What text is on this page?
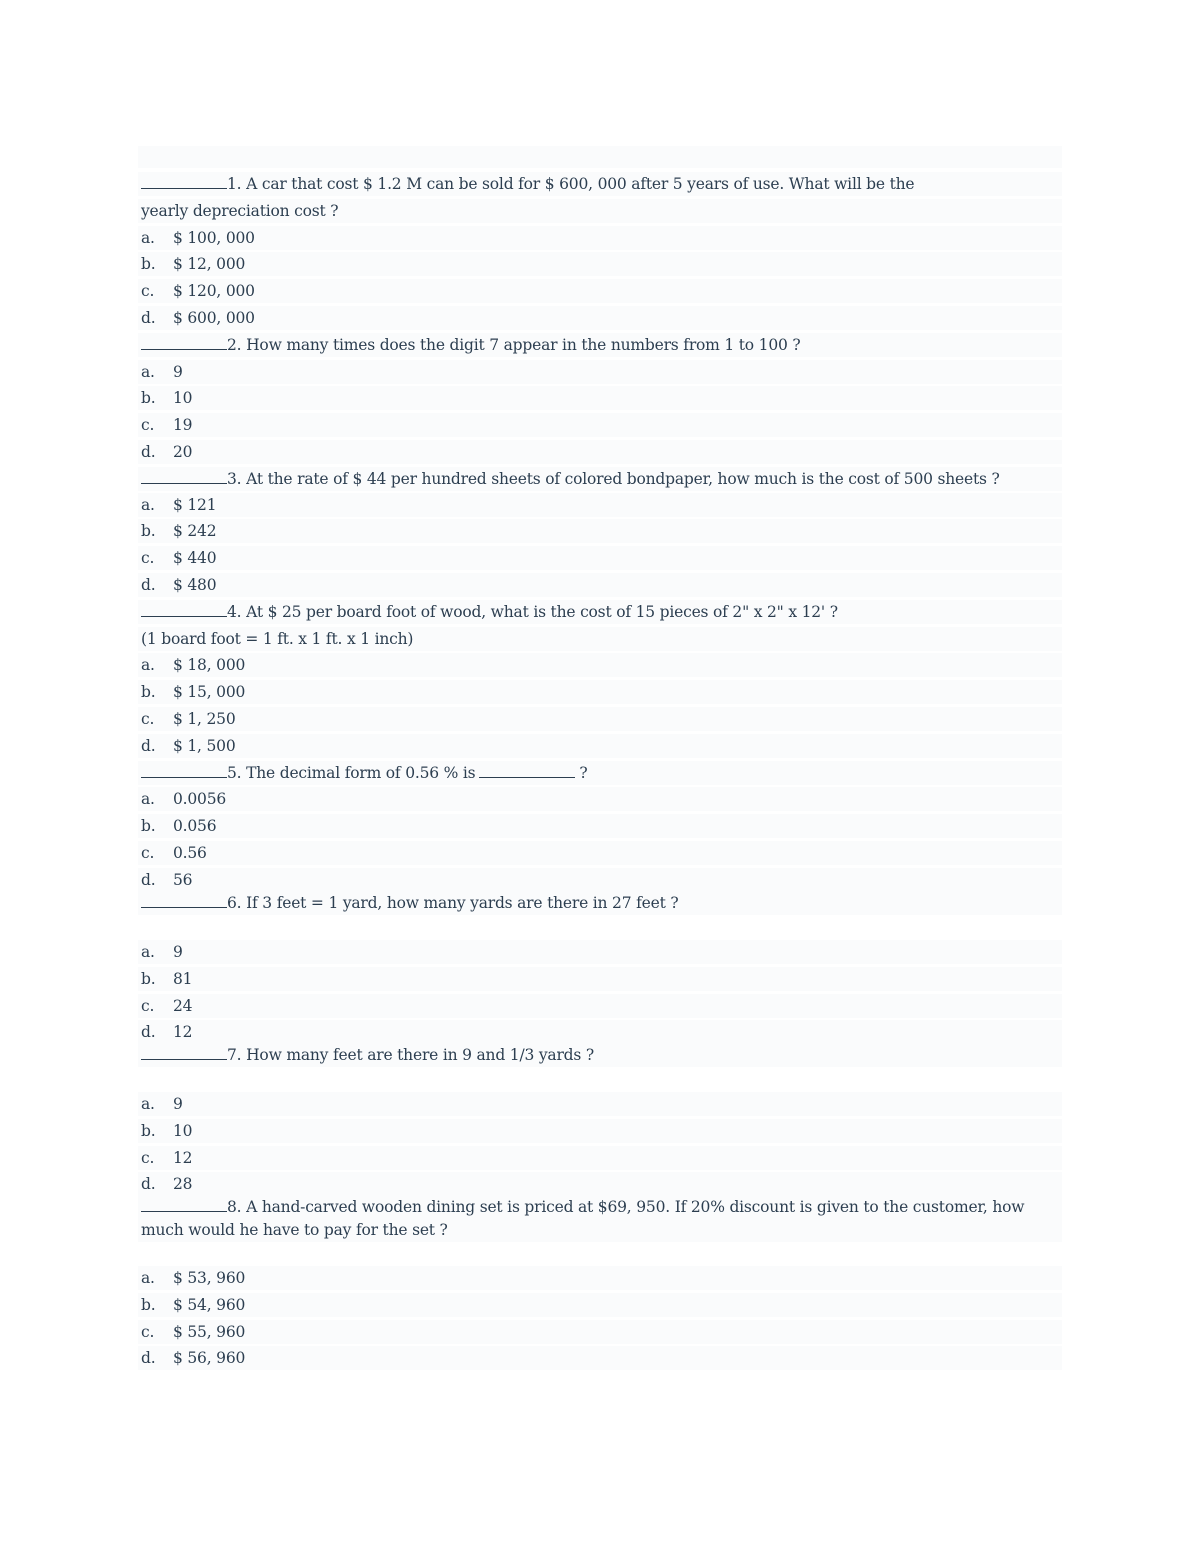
1. A car that cost $ 1.2 M can be sold for $ 600, 000 after 5 years of use. What will be the
yearly depreciation cost ?
a. $ 100, 000
b. $ 12, 000
c. $ 120, 000
d. $ 600, 000
2. How many times does the digit 7 appear in the numbers from 1 to 100 ?
a. 9
b. 10
c. 19
d. 20
3. At the rate of $ 44 per hundred sheets of colored bondpaper, how much is the cost of 500 sheets ?
a. $ 121
b. $ 242
c. $ 440
d. $ 480
4. At $ 25 per board foot of wood, what is the cost of 15 pieces of 2" x 2" x 12' ?
(1 board foot = 1 ft. x 1 ft. x 1 inch)
a. $ 18, 000
b. $ 15, 000
c. $ 1, 250
d. $ 1, 500
5. The decimal form of 0.56 % is	?
a. 0.0056
b. 0.056
c. 0.56
d. 56
6. If 3 feet = 1 yard, how many yards are there in 27 feet ?
a. 9
b. 81
c. 24
d. 12
7. How many feet are there in 9 and 1/3 yards ?
a. 9
b. 10
c. 12
d. 28
8. A hand-carved wooden dining set is priced at $69, 950. If 20% discount is given to the customer, how
much would he have to pay for the set ?
a. $ 53, 960
b. $ 54, 960
c. $ 55, 960
d. $ 56, 960
